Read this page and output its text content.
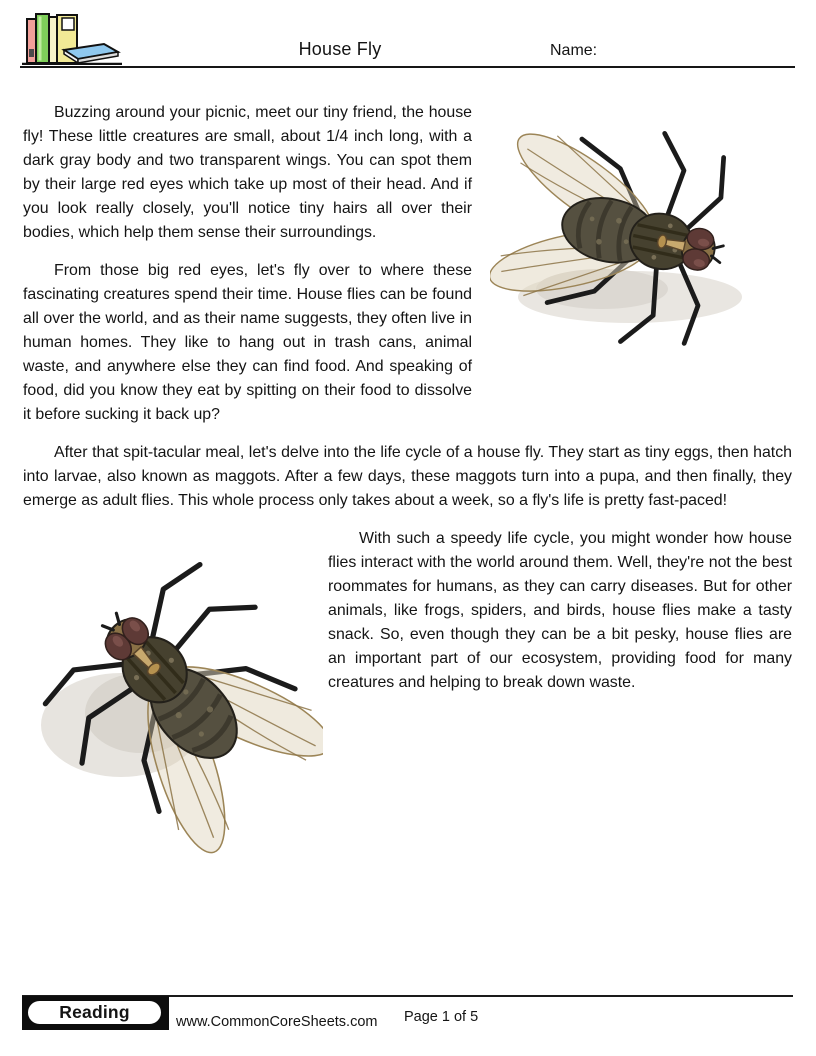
House Fly	Name:

Buzzing around your picnic, meet our tiny friend, the house fly! These little creatures are small, about 1/4 inch long, with a dark gray body and two transparent wings. You can spot them by their large red eyes which take up most of their head. And if you look really closely, you'll notice tiny hairs all over their bodies, which help them sense their surroundings.

From those big red eyes, let's fly over to where these fascinating creatures spend their time. House flies can be found all over the world, and as their name suggests, they often live in human homes. They like to hang out in trash cans, animal waste, and anywhere else they can find food. And speaking of food, did you know they eat by spitting on their food to dissolve it before sucking it back up?

After that spit-tacular meal, let's delve into the life cycle of a house fly. They start as tiny eggs, then hatch into larvae, also known as maggots. After a few days, these maggots turn into a pupa, and then finally, they emerge as adult flies. This whole process only takes about a week, so a fly's life is pretty fast-paced!

With such a speedy life cycle, you might wonder how house flies interact with the world around them. Well, they're not the best roommates for humans, as they can carry diseases. But for other animals, like frogs, spiders, and birds, house flies make a tasty snack. So, even though they can be a bit pesky, house flies are an important part of our ecosystem, providing food for many creatures and helping to break down waste.

Reading	www.CommonCoreSheets.com Page 1 of 5
